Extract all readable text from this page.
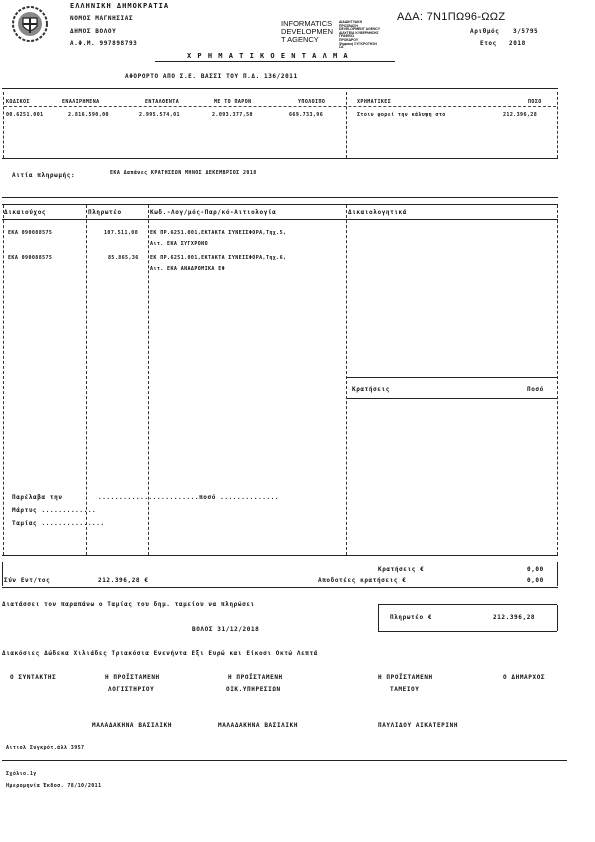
ΕΛΛΗΝΙΚΗ ΔΗΜΟΚΡΑΤΙΑ
ΝΟΜΟΣ ΜΑΓΝΗΣΙΑΣ
ΔΗΜΟΣ ΒΟΛΟΥ
Α.Φ.Μ. 997898793
INFORMATICS
DEVELOPMEN
T AGENCY
ΔΙΑΔΙΚΤΥΑΚΗ
ΠΡΟΣΒΑΣΗ
DEVELOPMENT AGENCY
ΔΙΑΥΓΕΙΑ ΚΥΒΕΡΝΗΣΗΣ
ΓΡΑΦΕΙΟ
ΠΡΟΕΔΡΟΥ
Ψηφιακή ΣΥΓΚΡΟΤΗΣΗ
ΣΑ
ΑΔΑ: 7Ν1ΠΩ96-ΩΩΖ
Αριθμός 3/5795
Ετος 2018
Χ Ρ Η Μ Α Τ Ι Κ Ο Ε Ν Τ Α Λ Μ Α
ΑΦΟΡΟΡΤΟ ΑΠΟ Σ.Ε. ΒΑΣΣΙ ΤΟΥ Π.Δ. 136/2011
ΚΩΔΙΚΟΣ	ΕΝΑΛΙΡΗΜΕΝΑ	ΕΝΤΑΛΘΕΝΤΑ	ΜΕ ΤΟ ΠΑΡΟΝ	ΥΠΟΛΟΙΠΟ	ΧΡΗΜΑΤΙΚΕΣ	ΠΟΣΟ
00.6251.001	2.816.590,00	2.995.574,01	2.093.377,50	669.733,96	Στοιν φορεί την κάλυψη στο	212.396,28
Αιτία πληρωμής:	ΕΚΑ Δαπάνες ΚΡΑΤΗΣΕΩΝ ΜΗΝΟΣ ΔΕΚΕΜΒΡΙΟΣ 2018
Δικαιούχος	Πληρωτέο	Κωδ.-Λογ/μός-Παρ/κό-Αιτιολογία	Δικαιολογητικά
ΕΚΑ 090088575	107.511,00 ΕΚ ΠΡ.6251.001,ΕΚΤΑΚΤΑ ΣΥΝΕΙΣΦΟΡΑ,Τηχ.5,
Αιτ. ΕΚΑ ΣΥΓΧΡΟΝΟ
ΕΚΑ 090088575	85.865,36 ΕΚ ΠΡ.6251.001,ΕΚΤΑΚΤΑ ΣΥΝΕΙΣΦΟΡΑ,Τηχ.6,
Αιτ. ΕΚΑ ΑΝΑΔΡΟΜΙΚΑ ΕΦ
Κρατήσεις	Ποσό
Παρέλαβα την	........................ποσό ..............
Μάρτυς .............
Ταμίας ...............
Κρατήσεις €	0,00
Σύν Εντ/τος	212.396,28 €	Αποδοτέες κρατήσεις €	0,00
Διατάσσει τον παραπάνω ο Ταμίας του δημ. ταμείου να πληρώσει
Πληρωτέο €	212.396,28
ΒΟΛΟΣ 31/12/2018
Διακόσιες Δώδεκα Χιλιάδες Τριακόσια Ενενήντα Εξι Ευρώ και Είκοσι Οκτώ Λεπτά
Ο ΣΥΝΤΑΚΤΗΣ	Η ΠΡΟΪΣΤΑΜΕΝΗ
ΛΟΓΙΣΤΗΡΙΟΥ
Η ΠΡΟΪΣΤΑΜΕΝΗ
ΟΙΚ.ΥΠΗΡΕΣΙΩΝ
Η ΠΡΟΪΣΤΑΜΕΝΗ
ΤΑΜΕΙΟΥ
Ο ΔΗΜΑΡΧΟΣ
ΜΑΛΑΔΑΚΗΝΑ ΒΑΣΙΛΙΚΗ	ΜΑΛΑΔΑΚΗΝΑ ΒΑΣΙΛΙΚΗ	ΠΑΥΛΙΔΟΥ ΑΙΚΑΤΕΡΙΝΗ
Αιτιολ Συγκρότ.άλλ 3957
Σχόλιο.1γ
Ημερομηνία Έκδοσ. 78/10/2011
